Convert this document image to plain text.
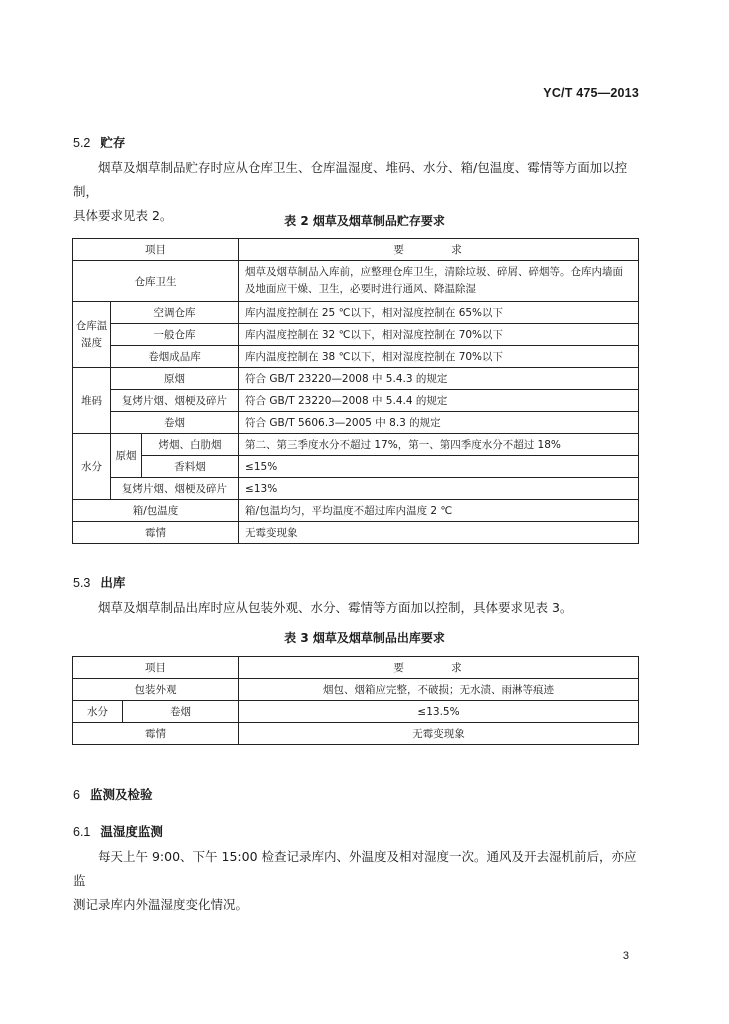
YC/T 475—2013
5.2 贮存
烟草及烟草制品贮存时应从仓库卫生、仓库温湿度、堆码、水分、箱/包温度、霉情等方面加以控制，
具体要求见表 2。	表 2 烟草及烟草制品贮存要求
项目			要 求
仓库卫生			烟草及烟草制品入库前，应整理仓库卫生，清除垃圾、碎屑、碎烟等。仓库内墙面及地面应干燥、卫生，必要时进行通风、降温除湿
仓库温湿度	空调仓库		库内温度控制在 25 ℃以下，相对湿度控制在 65%以下
	一般仓库		库内温度控制在 32 ℃以下，相对湿度控制在 70%以下
	卷烟成品库		库内温度控制在 38 ℃以下，相对湿度控制在 70%以下
堆码	原烟		符合 GB/T 23220—2008 中 5.4.3 的规定
	复烤片烟、烟梗及碎片		符合 GB/T 23220—2008 中 5.4.4 的规定
	卷烟		符合 GB/T 5606.3—2005 中 8.3 的规定
水分	原烟	烤烟、白肋烟	第二、第三季度水分不超过 17%，第一、第四季度水分不超过 18%
		香料烟	≤15%
	复烤片烟、烟梗及碎片		≤13%
箱/包温度			箱/包温均匀，平均温度不超过库内温度 2 ℃
霉情			无霉变现象
5.3 出库
烟草及烟草制品出库时应从包装外观、水分、霉情等方面加以控制，具体要求见表 3。
表 3 烟草及烟草制品出库要求
项目		要 求
包装外观		烟包、烟箱应完整，不破损；无水渍、雨淋等痕迹
水分	卷烟	≤13.5%
霉情		无霉变现象
6 监测及检验
6.1 温湿度监测
每天上午 9:00、下午 15:00 检查记录库内、外温度及相对湿度一次。通风及开去湿机前后，亦应监
测记录库内外温湿度变化情况。
3
